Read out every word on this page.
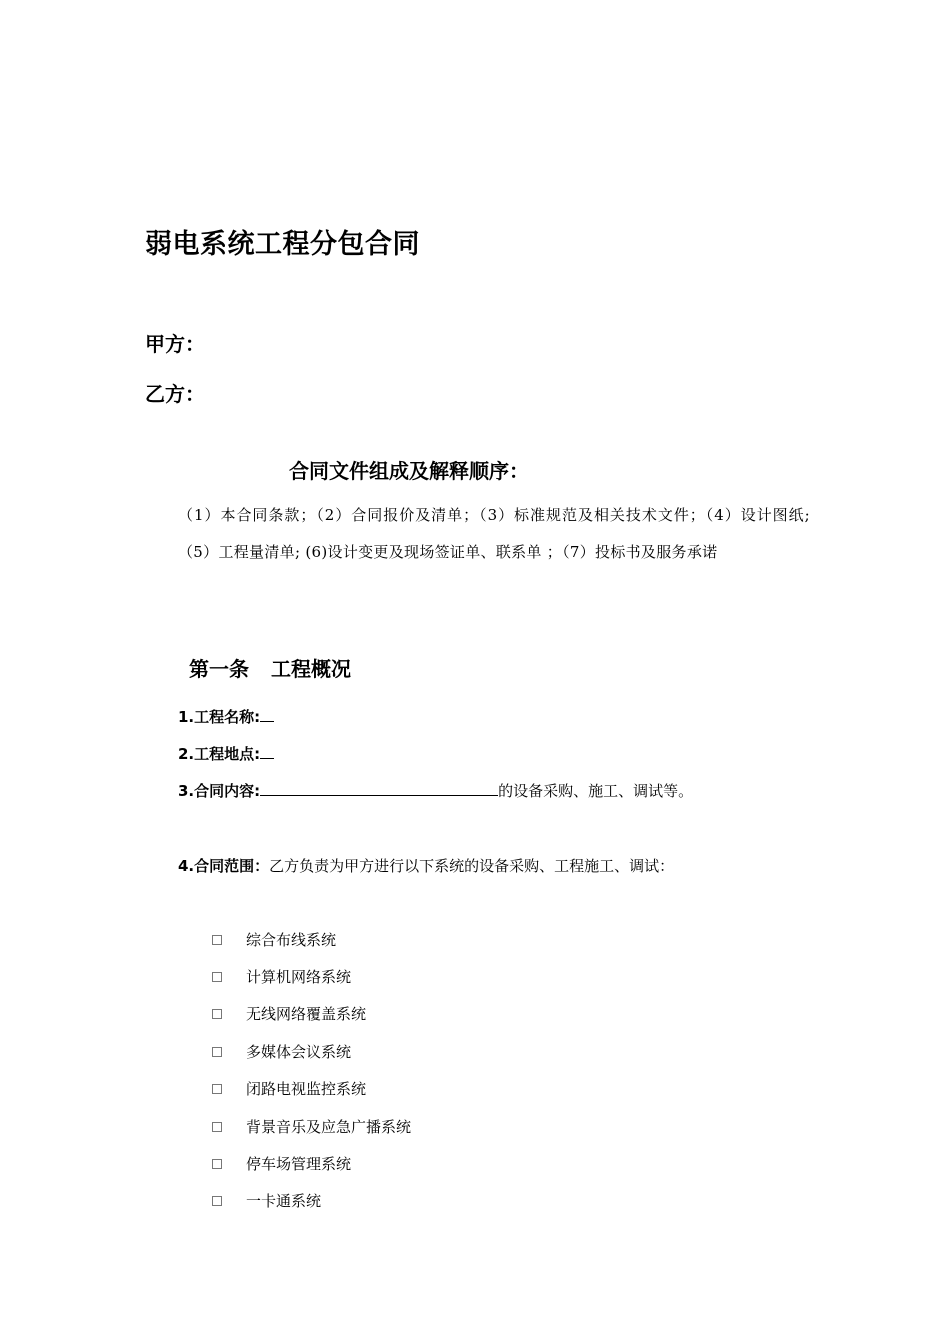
弱电系统工程分包合同
甲方：
乙方：
合同文件组成及解释顺序：
（1）本合同条款；（2）合同报价及清单；（3）标准规范及相关技术文件；（4）设计图纸;（5）工程量清单; (6)设计变更及现场签证单、联系单 ；（7）投标书及服务承诺
第一条 工程概况
1.工程名称:
2.工程地点:
3.合同内容:	的设备采购、施工、调试等。
4.合同范围：乙方负责为甲方进行以下系统的设备采购、工程施工、调试：
综合布线系统
计算机网络系统
无线网络覆盖系统
多媒体会议系统
闭路电视监控系统
背景音乐及应急广播系统
停车场管理系统
一卡通系统
